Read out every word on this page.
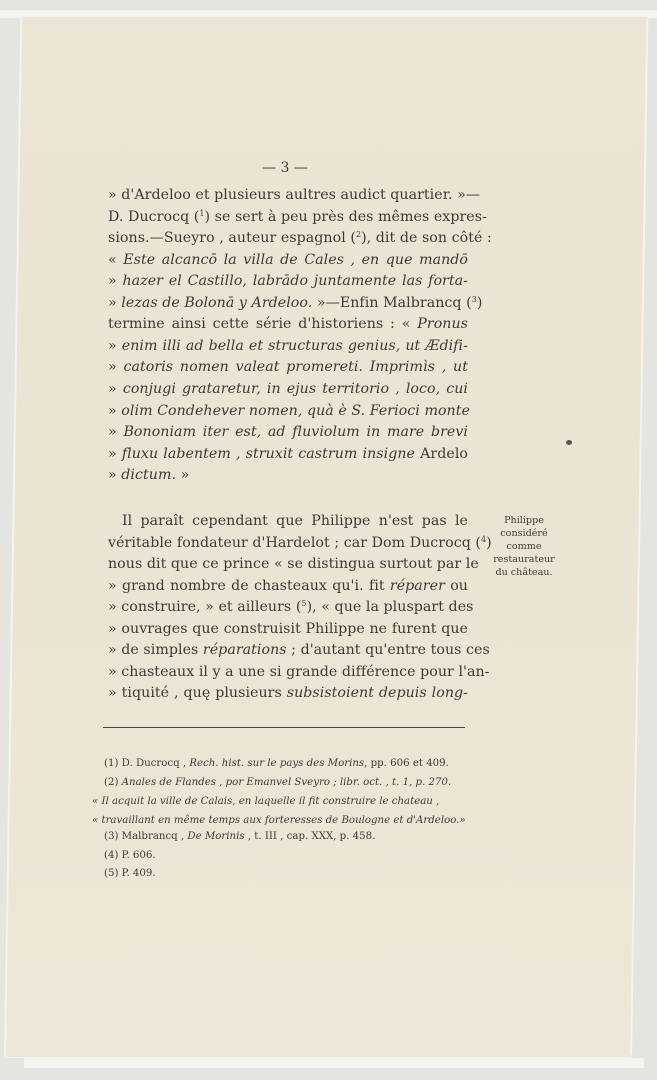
— 3 —
» d'Ardeloo et plusieurs aultres audict quartier. »—
D. Ducrocq ($^1$) se sert à peu près des mêmes expres-
sions.—Sueyro , auteur espagnol ($^2$), dit de son côté :
« Este alcancō la villa de Cales , en que mandō
» hazer el Castillo, labrādo juntamente las forta-
» lezas de Bolonā y Ardeloo. »—Enfin Malbrancq ($^3$)
termine ainsi cette série d'historiens : « Pronus
» enim illi ad bella et structuras genius, ut Ædifi-
» catoris nomen valeat promereti. Imprimìs , ut
» conjugi grataretur, in ejus territorio , loco, cui
» olim Condehever nomen, quà è S. Ferioci monte
» Bononiam iter est, ad fluviolum in mare brevi
» fluxu labentem , struxit castrum insigne Ardelo
» dictum. »
Il paraît cependant que Philippe n'est pas le
véritable fondateur d'Hardelot ; car Dom Ducrocq ($^4$)
nous dit que ce prince « se distingua surtout par le
» grand nombre de chasteaux qu'i. fit réparer ou
» construire, » et ailleurs ($^5$), « que la pluspart des
» ouvrages que construisit Philippe ne furent que
» de simples réparations ; d'autant qu'entre tous ces
» chasteaux il y a une si grande différence pour l'an-
» tiquité , quę plusieurs subsistoient depuis long-
Philippe
considéré
comme
restaurateur
du château.
(1) D. Ducrocq , Rech. hist. sur le pays des Morins, pp. 606 et 409.
(2) Anales de Flandes , por Emanvel Sveyro ; libr. oct. , t. 1, p. 270.
« Il acquit la ville de Calais, en laquelle il fit construire le chateau ,
« travaillant en même temps aux forteresses de Boulogne et d'Ardeloo.»
(3) Malbrancq , De Morinis , t. III , cap. XXX, p. 458.
(4) P. 606.
(5) P. 409.
